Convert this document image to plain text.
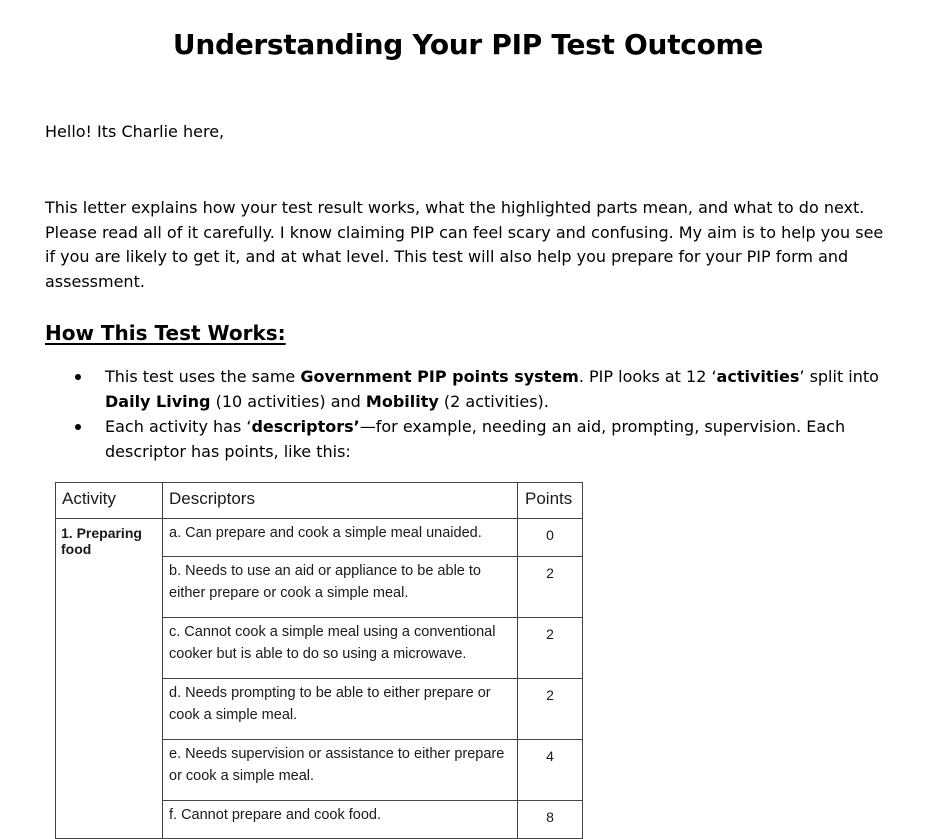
Understanding Your PIP Test Outcome
Hello! Its Charlie here,
This letter explains how your test result works, what the highlighted parts mean, and what to do next. Please read all of it carefully. I know claiming PIP can feel scary and confusing. My aim is to help you see if you are likely to get it, and at what level. This test will also help you prepare for your PIP form and assessment.
How This Test Works:
This test uses the same Government PIP points system. PIP looks at 12 ‘activities’ split into Daily Living (10 activities) and Mobility (2 activities).
Each activity has ‘descriptors’—for example, needing an aid, prompting, supervision. Each descriptor has points, like this:
Activity	Descriptors	Points
1. Preparing food	a. Can prepare and cook a simple meal unaided.	0
	b. Needs to use an aid or appliance to be able to either prepare or cook a simple meal.	2
	c. Cannot cook a simple meal using a conventional cooker but is able to do so using a microwave.	2
	d. Needs prompting to be able to either prepare or cook a simple meal.	2
	e. Needs supervision or assistance to either prepare or cook a simple meal.	4
	f. Cannot prepare and cook food.	8
